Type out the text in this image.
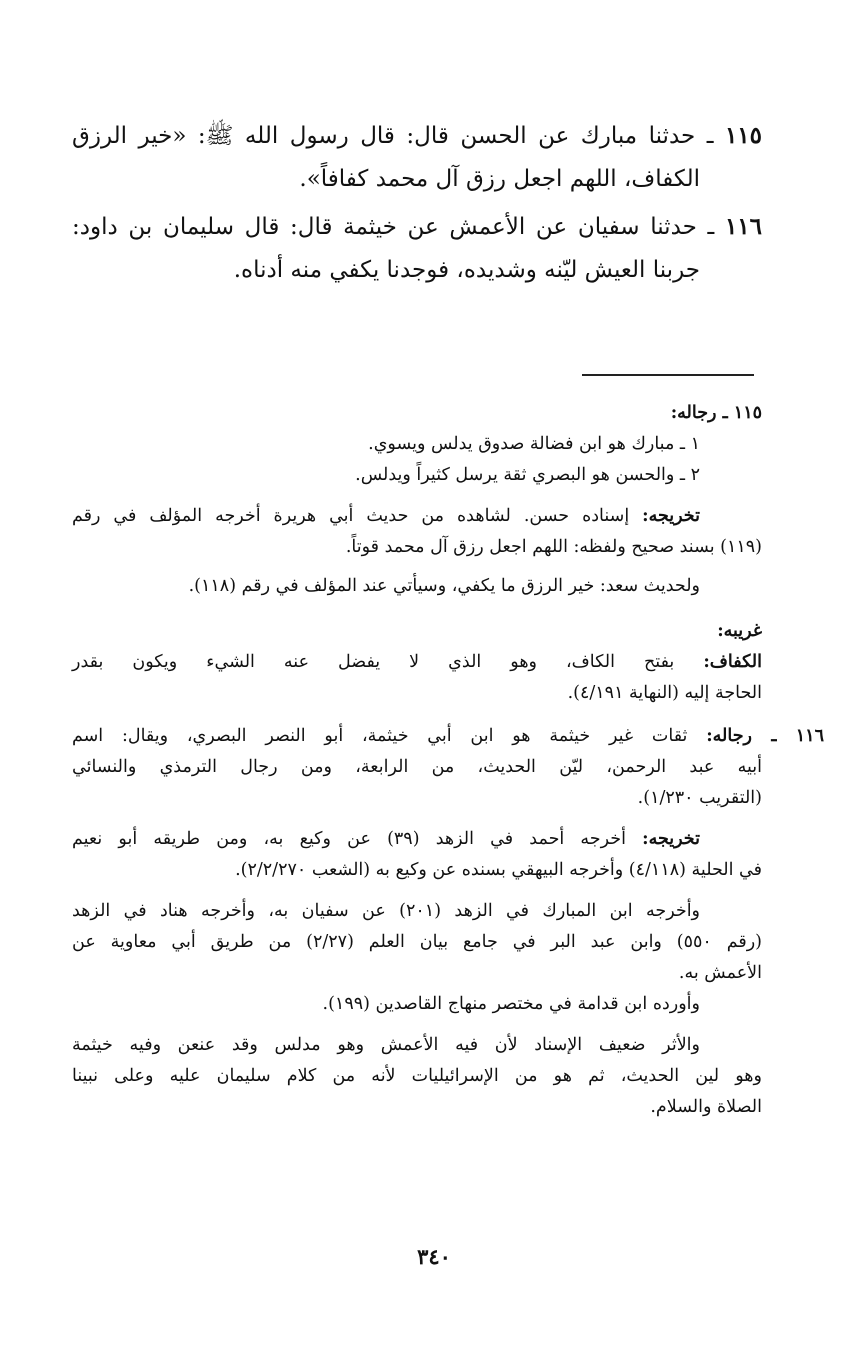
١١٥ ـ حدثنا مبارك عن الحسن قال: قال رسول الله ﷺ: «خير الرزق
الكفاف، اللهم اجعل رزق آل محمد كفافاً».
١١٦ ـ حدثنا سفيان عن الأعمش عن خيثمة قال: قال سليمان بن داود:
جربنا العيش ليّنه وشديده، فوجدنا يكفي منه أدناه.
١١٥ ـ رجاله:
١ ـ مبارك هو ابن فضالة صدوق يدلس ويسوي.
٢ ـ والحسن هو البصري ثقة يرسل كثيراً ويدلس.
تخريجه: إسناده حسن. لشاهده من حديث أبي هريرة أخرجه المؤلف في رقم
(١١٩) بسند صحيح ولفظه: اللهم اجعل رزق آل محمد قوتاً.
ولحديث سعد: خير الرزق ما يكفي، وسيأتي عند المؤلف في رقم (١١٨).
غريبه:
الكفاف: بفتح الكاف، وهو الذي لا يفضل عنه الشيء ويكون بقدر
الحاجة إليه (النهاية ٤/١٩١).
١١٦ ـ رجاله: ثقات غير خيثمة هو ابن أبي خيثمة، أبو النصر البصري، ويقال: اسم
أبيه عبد الرحمن، ليّن الحديث، من الرابعة، ومن رجال الترمذي والنسائي
(التقريب ١/٢٣٠).
تخريجه: أخرجه أحمد في الزهد (٣٩) عن وكيع به، ومن طريقه أبو نعيم
في الحلية (٤/١١٨) وأخرجه البيهقي بسنده عن وكيع به (الشعب ٢/٢/٢٧٠).
وأخرجه ابن المبارك في الزهد (٢٠١) عن سفيان به، وأخرجه هناد في الزهد
(رقم ٥٥٠) وابن عبد البر في جامع بيان العلم (٢/٢٧) من طريق أبي معاوية عن
الأعمش به.
وأورده ابن قدامة في مختصر منهاج القاصدين (١٩٩).
والأثر ضعيف الإسناد لأن فيه الأعمش وهو مدلس وقد عنعن وفيه خيثمة
وهو لين الحديث، ثم هو من الإسرائيليات لأنه من كلام سليمان عليه وعلى نبينا
الصلاة والسلام.
٣٤٠
